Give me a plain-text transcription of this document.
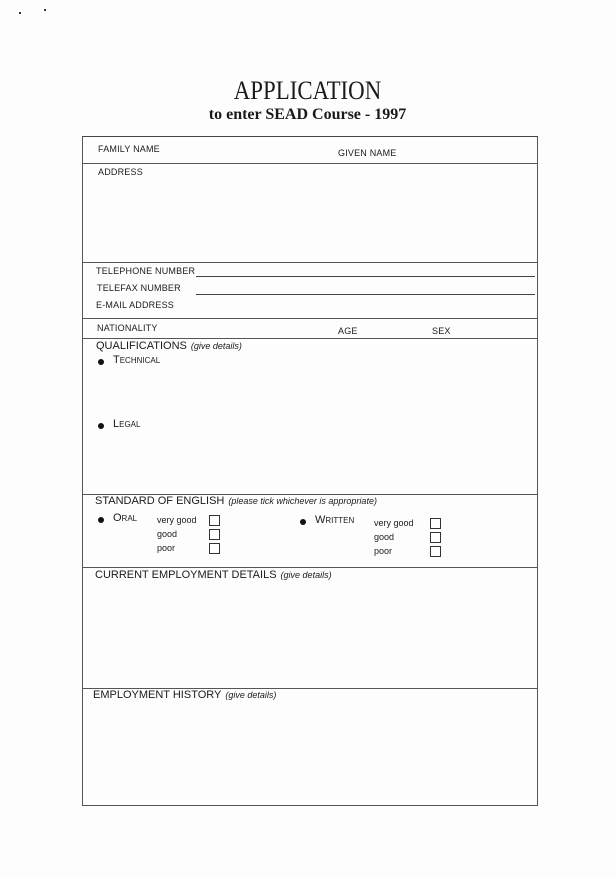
APPLICATION
to enter SEAD Course - 1997
FAMILY NAME	GIVEN NAME
ADDRESS
TELEPHONE NUMBER
TELEFAX NUMBER
E-MAIL ADDRESS
NATIONALITY	AGE	SEX
QUALIFICATIONS (give details)
Technical
Legal
STANDARD OF ENGLISH (please tick whichever is appropriate)
Oral very good
good
poor
Written very good
good
poor
CURRENT EMPLOYMENT DETAILS (give details)
EMPLOYMENT HISTORY (give details)
